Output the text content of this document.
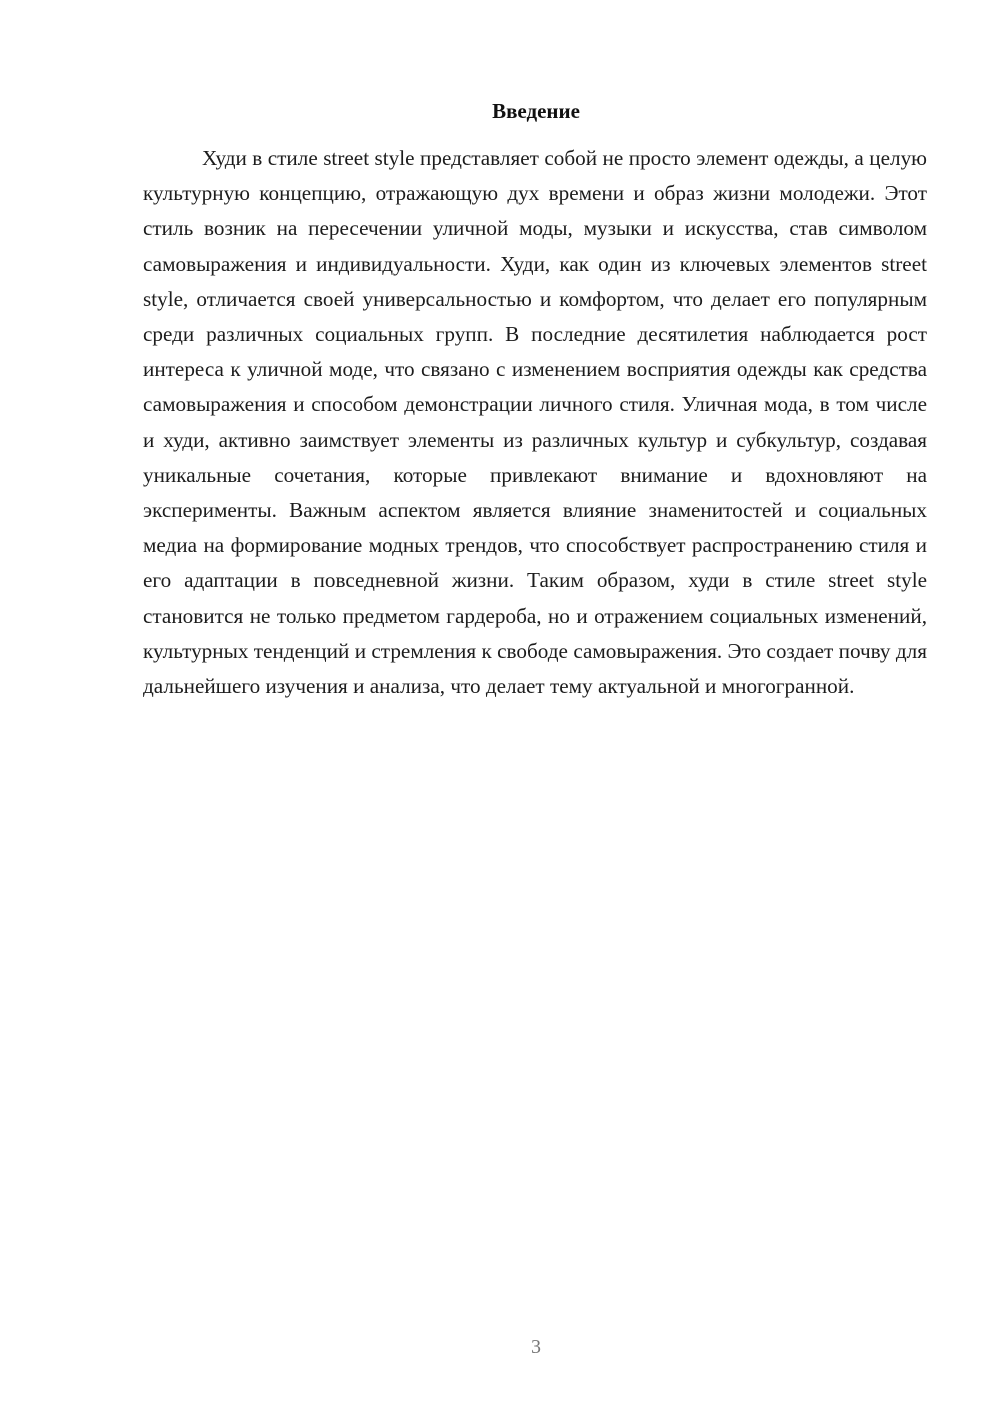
Введение

Худи в стиле street style представляет собой не просто элемент одежды, а целую культурную концепцию, отражающую дух времени и образ жизни молодежи. Этот стиль возник на пересечении уличной моды, музыки и искусства, став символом самовыражения и индивидуальности. Худи, как один из ключевых элементов street style, отличается своей универсальностью и комфортом, что делает его популярным среди различных социальных групп. В последние десятилетия наблюдается рост интереса к уличной моде, что связано с изменением восприятия одежды как средства самовыражения и способом демонстрации личного стиля. Уличная мода, в том числе и худи, активно заимствует элементы из различных культур и субкультур, создавая уникальные сочетания, которые привлекают внимание и вдохновляют на эксперименты. Важным аспектом является влияние знаменитостей и социальных медиа на формирование модных трендов, что способствует распространению стиля и его адаптации в повседневной жизни. Таким образом, худи в стиле street style становится не только предметом гардероба, но и отражением социальных изменений, культурных тенденций и стремления к свободе самовыражения. Это создает почву для дальнейшего изучения и анализа, что делает тему актуальной и многогранной.

3
